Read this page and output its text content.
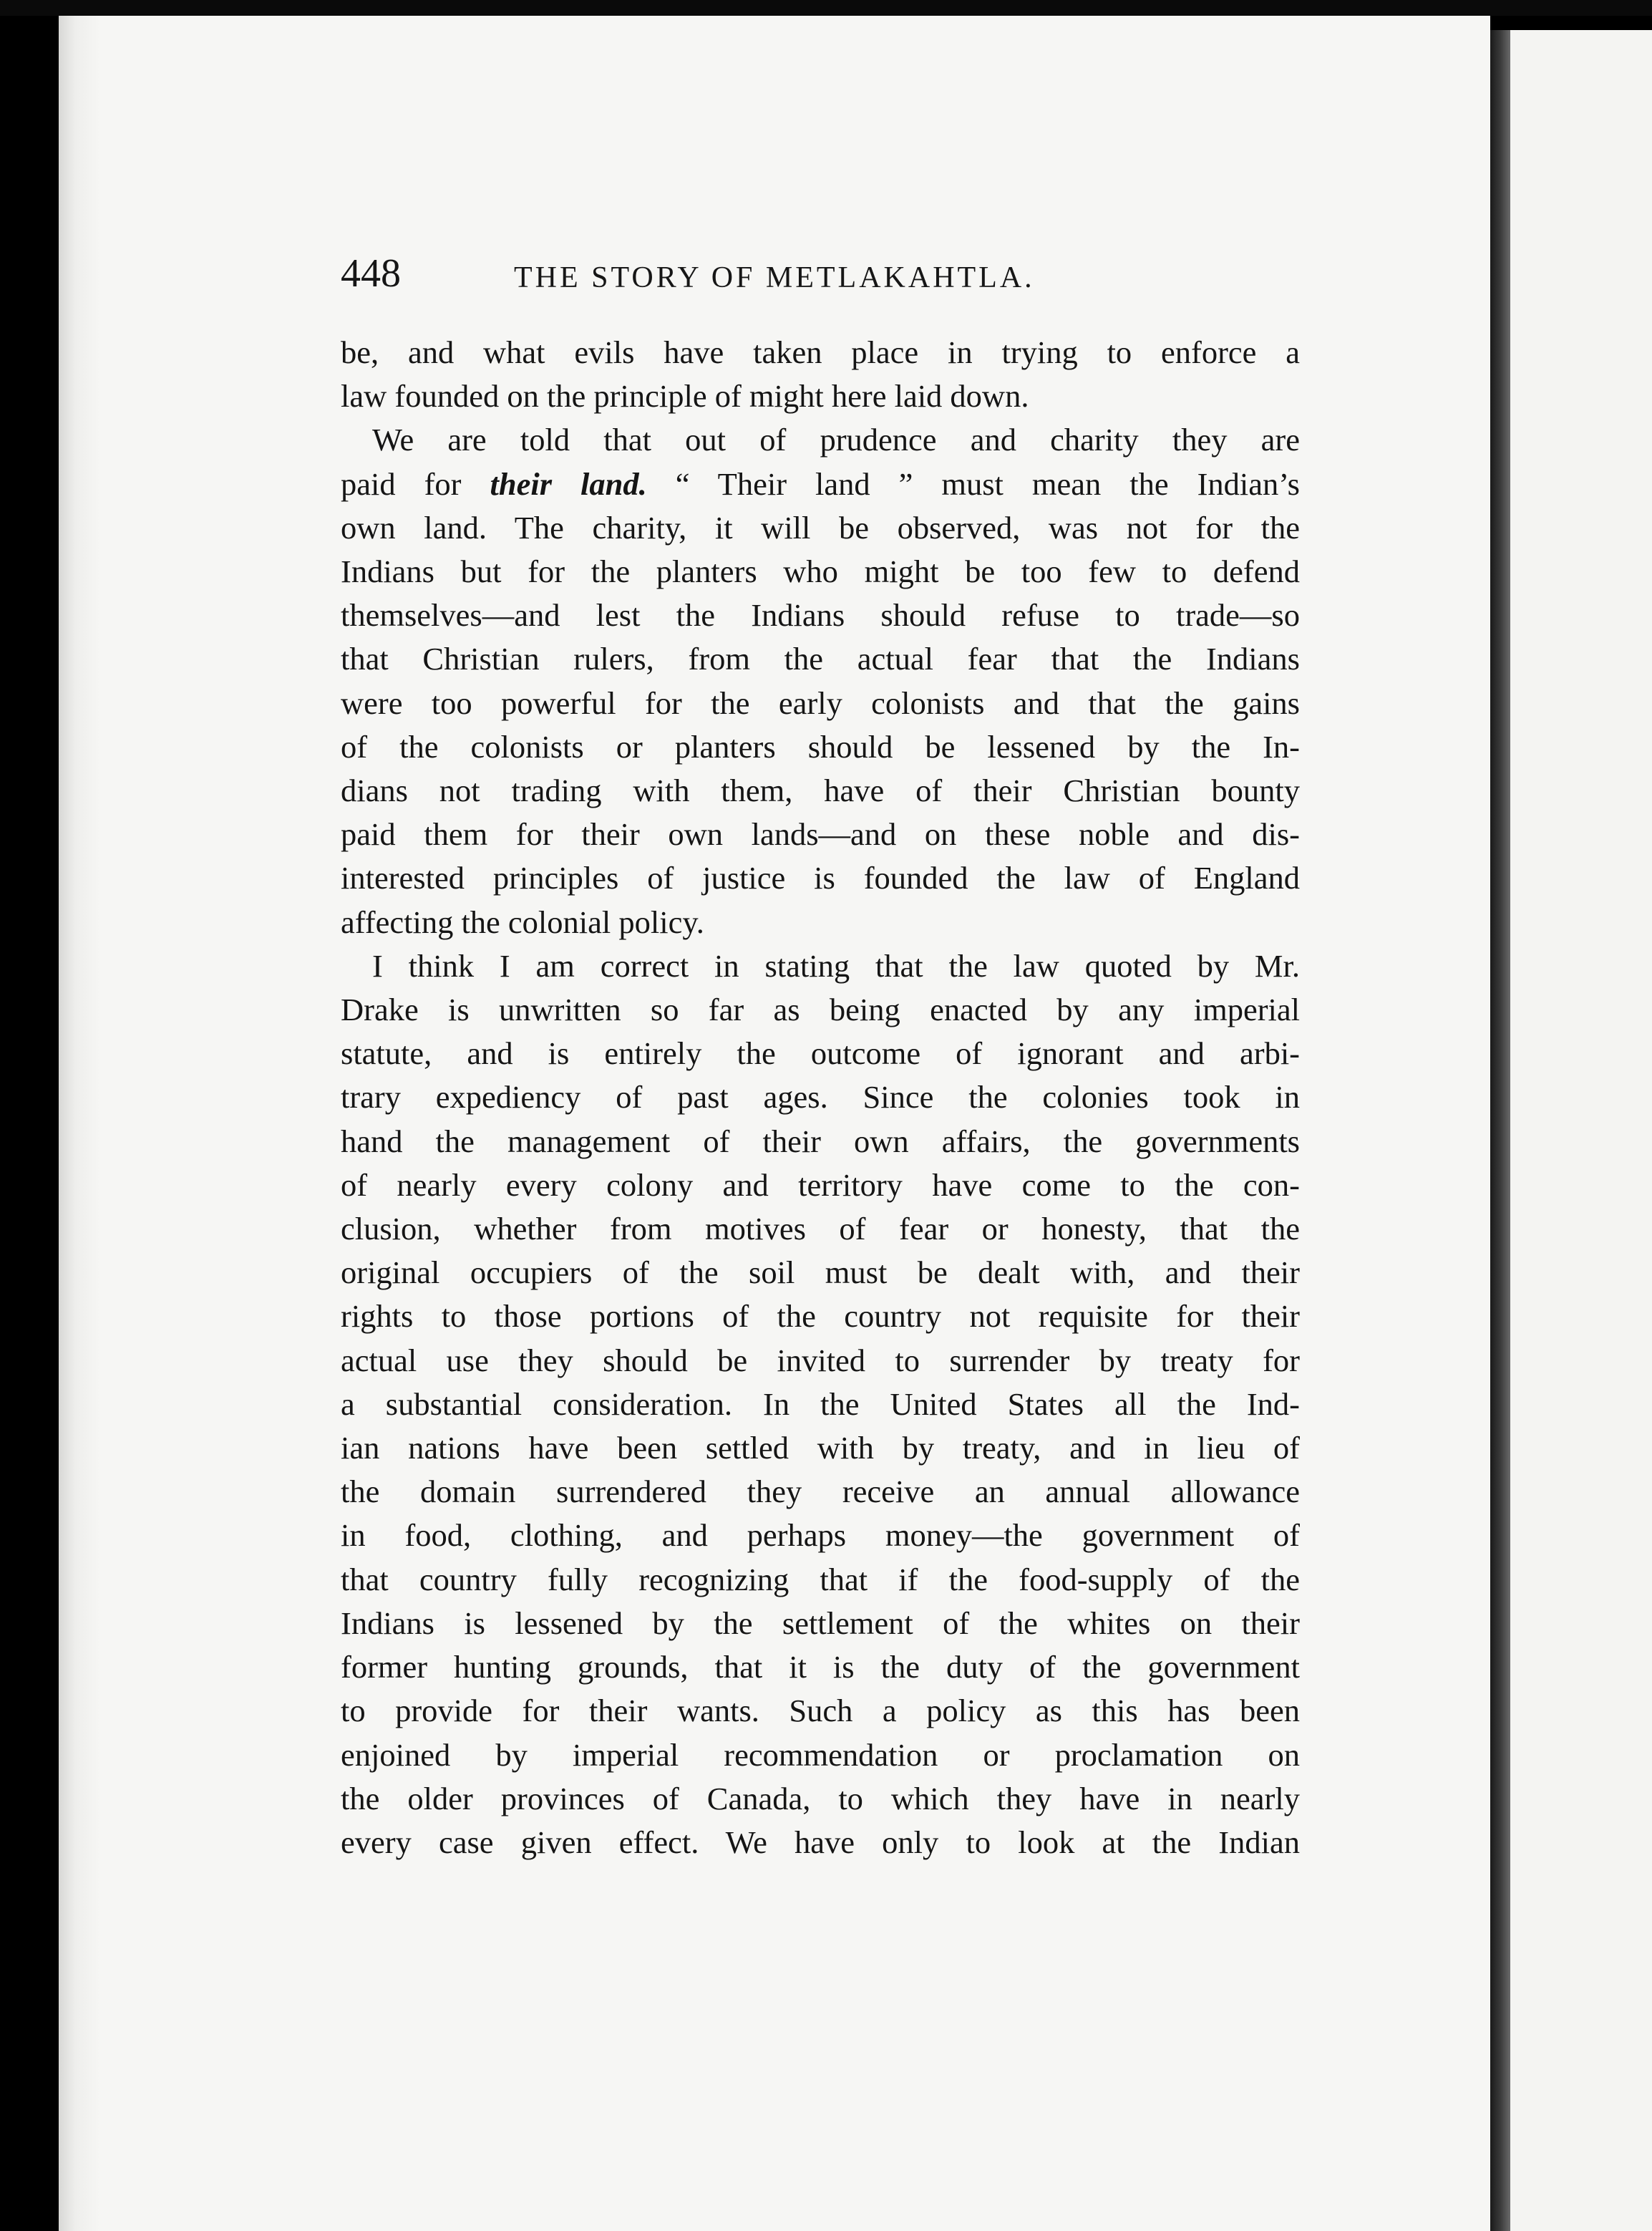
448	THE STORY OF METLAKAHTLA.

be, and what evils have taken place in trying to enforce a
law founded on the principle of might here laid down.

We are told that out of prudence and charity they are
paid for their land. “ Their land ” must mean the Indian’s
own land. The charity, it will be observed, was not for the
Indians but for the planters who might be too few to defend
themselves—and lest the Indians should refuse to trade—so
that Christian rulers, from the actual fear that the Indians
were too powerful for the early colonists and that the gains
of the colonists or planters should be lessened by the In-
dians not trading with them, have of their Christian bounty
paid them for their own lands—and on these noble and dis-
interested principles of justice is founded the law of England
affecting the colonial policy.

I think I am correct in stating that the law quoted by Mr.
Drake is unwritten so far as being enacted by any imperial
statute, and is entirely the outcome of ignorant and arbi-
trary expediency of past ages. Since the colonies took in
hand the management of their own affairs, the governments
of nearly every colony and territory have come to the con-
clusion, whether from motives of fear or honesty, that the
original occupiers of the soil must be dealt with, and their
rights to those portions of the country not requisite for their
actual use they should be invited to surrender by treaty for
a substantial consideration. In the United States all the Ind-
ian nations have been settled with by treaty, and in lieu of
the domain surrendered they receive an annual allowance
in food, clothing, and perhaps money—the government of
that country fully recognizing that if the food-supply of the
Indians is lessened by the settlement of the whites on their
former hunting grounds, that it is the duty of the government
to provide for their wants. Such a policy as this has been
enjoined by imperial recommendation or proclamation on
the older provinces of Canada, to which they have in nearly
every case given effect. We have only to look at the Indian
